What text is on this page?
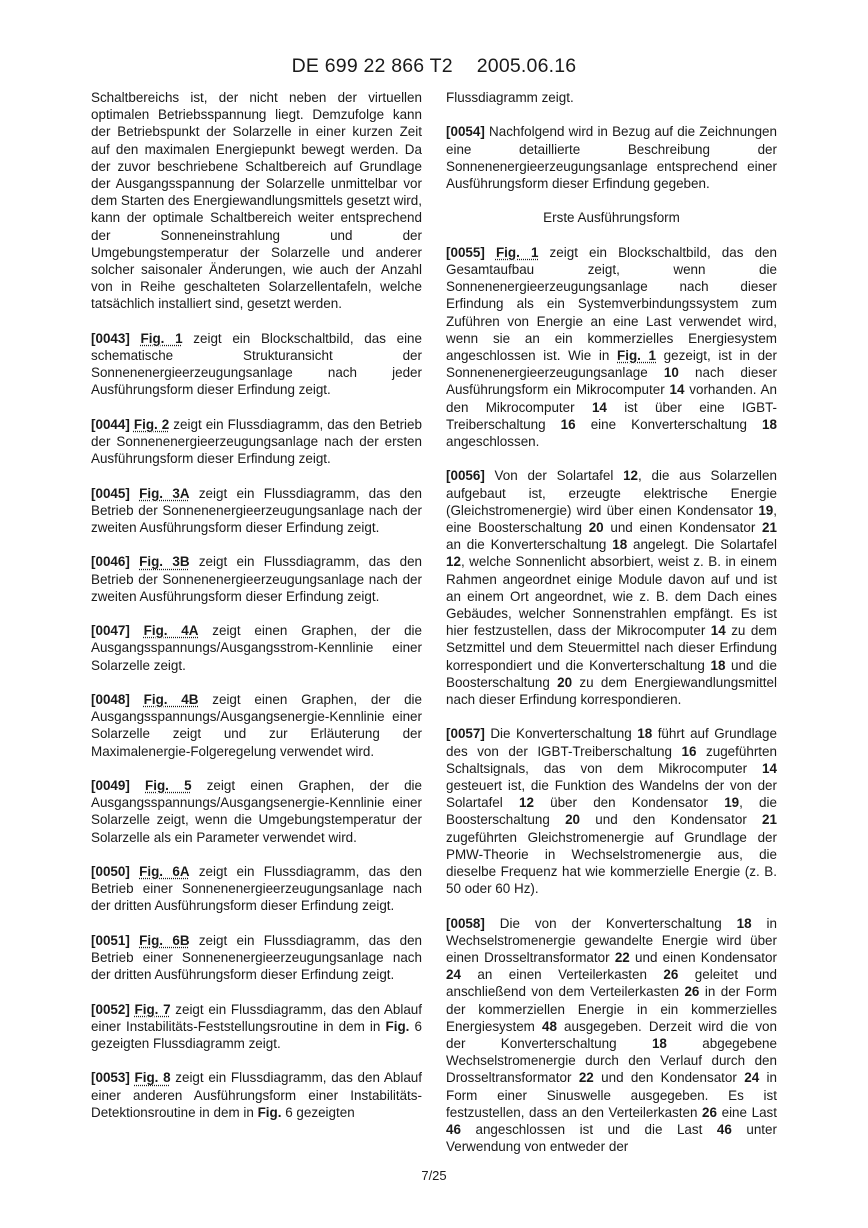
DE 699 22 866 T2 2005.06.16

Schaltbereichs ist, der nicht neben der virtuellen optimalen Betriebsspannung liegt. Demzufolge kann der Betriebspunkt der Solarzelle in einer kurzen Zeit auf den maximalen Energiepunkt bewegt werden. Da der zuvor beschriebene Schaltbereich auf Grundlage der Ausgangsspannung der Solarzelle unmittelbar vor dem Starten des Energiewandlungsmittels gesetzt wird, kann der optimale Schaltbereich weiter entsprechend der Sonneneinstrahlung und der Umgebungstemperatur der Solarzelle und anderer solcher saisonaler Änderungen, wie auch der Anzahl von in Reihe geschalteten Solarzellentafeln, welche tatsächlich installiert sind, gesetzt werden.

[0043] Fig. 1 zeigt ein Blockschaltbild, das eine schematische Strukturansicht der Sonnenenergieerzeugungsanlage nach jeder Ausführungsform dieser Erfindung zeigt.

[0044] Fig. 2 zeigt ein Flussdiagramm, das den Betrieb der Sonnenenergieerzeugungsanlage nach der ersten Ausführungsform dieser Erfindung zeigt.

[0045] Fig. 3A zeigt ein Flussdiagramm, das den Betrieb der Sonnenenergieerzeugungsanlage nach der zweiten Ausführungsform dieser Erfindung zeigt.

[0046] Fig. 3B zeigt ein Flussdiagramm, das den Betrieb der Sonnenenergieerzeugungsanlage nach der zweiten Ausführungsform dieser Erfindung zeigt.

[0047] Fig. 4A zeigt einen Graphen, der die Ausgangsspannungs/Ausgangsstrom-Kennlinie einer Solarzelle zeigt.

[0048] Fig. 4B zeigt einen Graphen, der die Ausgangsspannungs/Ausgangsenergie-Kennlinie einer Solarzelle zeigt und zur Erläuterung der Maximalenergie-Folgeregelung verwendet wird.

[0049] Fig. 5 zeigt einen Graphen, der die Ausgangsspannungs/Ausgangsenergie-Kennlinie einer Solarzelle zeigt, wenn die Umgebungstemperatur der Solarzelle als ein Parameter verwendet wird.

[0050] Fig. 6A zeigt ein Flussdiagramm, das den Betrieb einer Sonnenenergieerzeugungsanlage nach der dritten Ausführungsform dieser Erfindung zeigt.

[0051] Fig. 6B zeigt ein Flussdiagramm, das den Betrieb einer Sonnenenergieerzeugungsanlage nach der dritten Ausführungsform dieser Erfindung zeigt.

[0052] Fig. 7 zeigt ein Flussdiagramm, das den Ablauf einer Instabilitäts-Feststellungsroutine in dem in Fig. 6 gezeigten Flussdiagramm zeigt.

[0053] Fig. 8 zeigt ein Flussdiagramm, das den Ablauf einer anderen Ausführungsform einer Instabilitäts-Detektionsroutine in dem in Fig. 6 gezeigten

Flussdiagramm zeigt.

[0054] Nachfolgend wird in Bezug auf die Zeichnungen eine detaillierte Beschreibung der Sonnenenergieerzeugungsanlage entsprechend einer Ausführungsform dieser Erfindung gegeben.

Erste Ausführungsform

[0055] Fig. 1 zeigt ein Blockschaltbild, das den Gesamtaufbau zeigt, wenn die Sonnenenergieerzeugungsanlage nach dieser Erfindung als ein Systemverbindungssystem zum Zuführen von Energie an eine Last verwendet wird, wenn sie an ein kommerzielles Energiesystem angeschlossen ist. Wie in Fig. 1 gezeigt, ist in der Sonnenenergieerzeugungsanlage 10 nach dieser Ausführungsform ein Mikrocomputer 14 vorhanden. An den Mikrocomputer 14 ist über eine IGBT-Treiberschaltung 16 eine Konverterschaltung 18 angeschlossen.

[0056] Von der Solartafel 12, die aus Solarzellen aufgebaut ist, erzeugte elektrische Energie (Gleichstromenergie) wird über einen Kondensator 19, eine Boosterschaltung 20 und einen Kondensator 21 an die Konverterschaltung 18 angelegt. Die Solartafel 12, welche Sonnenlicht absorbiert, weist z. B. in einem Rahmen angeordnet einige Module davon auf und ist an einem Ort angeordnet, wie z. B. dem Dach eines Gebäudes, welcher Sonnenstrahlen empfängt. Es ist hier festzustellen, dass der Mikrocomputer 14 zu dem Setzmittel und dem Steuermittel nach dieser Erfindung korrespondiert und die Konverterschaltung 18 und die Boosterschaltung 20 zu dem Energiewandlungsmittel nach dieser Erfindung korrespondieren.

[0057] Die Konverterschaltung 18 führt auf Grundlage des von der IGBT-Treiberschaltung 16 zugeführten Schaltsignals, das von dem Mikrocomputer 14 gesteuert ist, die Funktion des Wandelns der von der Solartafel 12 über den Kondensator 19, die Boosterschaltung 20 und den Kondensator 21 zugeführten Gleichstromenergie auf Grundlage der PMW-Theorie in Wechselstromenergie aus, die dieselbe Frequenz hat wie kommerzielle Energie (z. B. 50 oder 60 Hz).

[0058] Die von der Konverterschaltung 18 in Wechselstromenergie gewandelte Energie wird über einen Drosseltransformator 22 und einen Kondensator 24 an einen Verteilerkasten 26 geleitet und anschließend von dem Verteilerkasten 26 in der Form der kommerziellen Energie in ein kommerzielles Energiesystem 48 ausgegeben. Derzeit wird die von der Konverterschaltung 18 abgegebene Wechselstromenergie durch den Verlauf durch den Drosseltransformator 22 und den Kondensator 24 in Form einer Sinuswelle ausgegeben. Es ist festzustellen, dass an den Verteilerkasten 26 eine Last 46 angeschlossen ist und die Last 46 unter Verwendung von entweder der

7/25
